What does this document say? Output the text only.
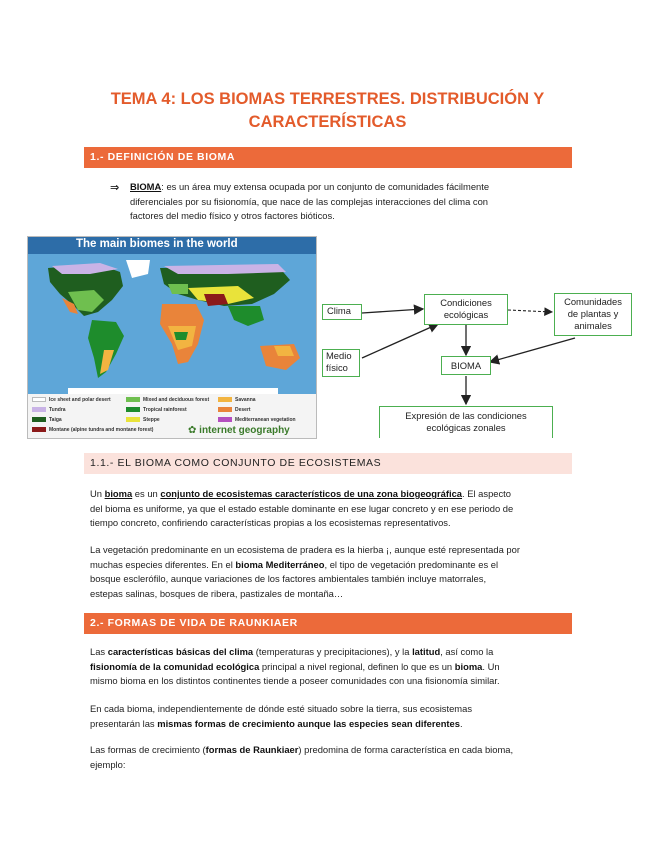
TEMA 4: LOS BIOMAS TERRESTRES. DISTRIBUCIÓN Y
CARACTERÍSTICAS
1.- DEFINICIÓN DE BIOMA
⇒ BIOMA: es un área muy extensa ocupada por un conjunto de comunidades fácilmente
diferenciales por su fisionomía, que nace de las complejas interacciones del clima con
factores del medio físico y otros factores bióticos.
The main biomes in the world
Ice sheet and polar desert
Tundra
Taiga
Montane (alpine tundra and montane forest)
Mixed and deciduous forest
Tropical rainforest
Steppe
Savanna
Desert
Mediterranean vegetation
✿ internet geography
Clima
Medio
físico
Condiciones
ecológicas
Comunidades
de plantas y
animales
BIOMA
Expresión de las condiciones
ecológicas zonales
1.1.- EL BIOMA COMO CONJUNTO DE ECOSISTEMAS
Un bioma es un conjunto de ecosistemas característicos de una zona biogeográfica. El aspecto
del bioma es uniforme, ya que el estado estable dominante en ese lugar concreto y en ese periodo de
tiempo concreto, confiriendo características propias a los ecosistemas representativos.
La vegetación predominante en un ecosistema de pradera es la hierba ¡, aunque esté representada por
muchas especies diferentes. En el bioma Mediterráneo, el tipo de vegetación predominante es el
bosque esclerófilo, aunque variaciones de los factores ambientales también incluye matorrales,
estepas salinas, bosques de ribera, pastizales de montaña…
2.- FORMAS DE VIDA DE RAUNKIAER
Las características básicas del clima (temperaturas y precipitaciones), y la latitud, así como la
fisionomía de la comunidad ecológica principal a nivel regional, definen lo que es un bioma. Un
mismo bioma en los distintos continentes tiende a poseer comunidades con una fisionomía similar.
En cada bioma, independientemente de dónde esté situado sobre la tierra, sus ecosistemas
presentarán las mismas formas de crecimiento aunque las especies sean diferentes.
Las formas de crecimiento (formas de Raunkiaer) predomina de forma característica en cada bioma,
ejemplo:
